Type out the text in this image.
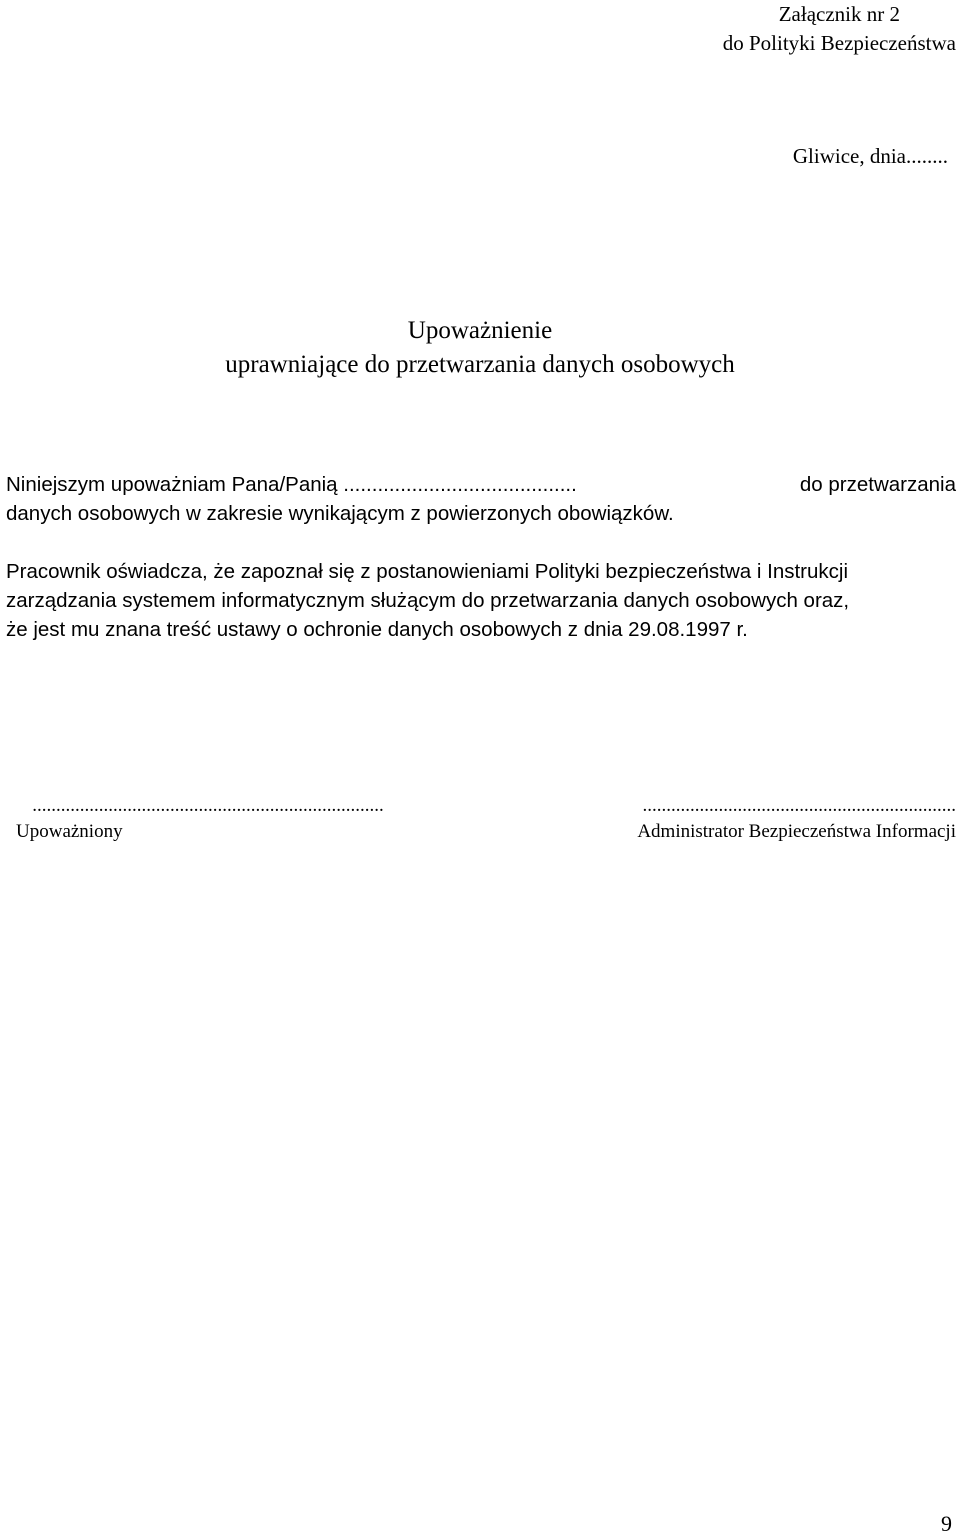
Załącznik nr 2
do Polityki Bezpieczeństwa
Gliwice, dnia........
Upoważnienie
uprawniające do przetwarzania danych osobowych
Niniejszym upoważniam Pana/Panią .........................................	do przetwarzania
danych osobowych w zakresie wynikającym z powierzonych obowiązków.
Pracownik oświadcza, że zapoznał się z postanowieniami Polityki bezpieczeństwa i Instrukcji
zarządzania systemem informatycznym służącym do przetwarzania danych osobowych oraz,
że jest mu znana treść ustawy o ochronie danych osobowych z dnia 29.08.1997 r.
..........................................................................
Upoważniony
..................................................................
Administrator Bezpieczeństwa Informacji
9
